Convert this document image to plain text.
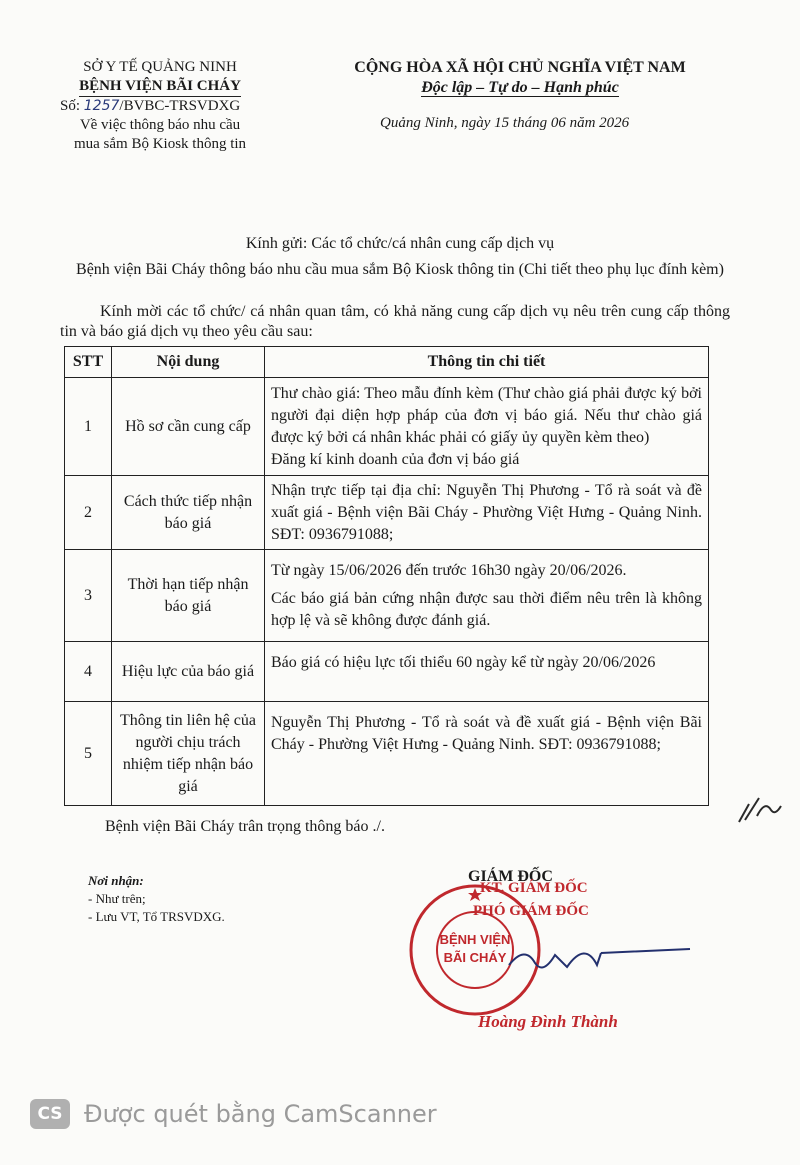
SỞ Y TẾ QUẢNG NINH
BỆNH VIỆN BÃI CHÁY
Số: 1257/BVBC-TRSVDXG
Về việc thông báo nhu cầu
mua sắm Bộ Kiosk thông tin
CỘNG HÒA XÃ HỘI CHỦ NGHĨA VIỆT NAM
Độc lập – Tự do – Hạnh phúc
Quảng Ninh, ngày 15 tháng 06 năm 2026
Kính gửi: Các tổ chức/cá nhân cung cấp dịch vụ
Bệnh viện Bãi Cháy thông báo nhu cầu mua sắm Bộ Kiosk thông tin (Chi tiết theo phụ lục đính kèm)
Kính mời các tổ chức/ cá nhân quan tâm, có khả năng cung cấp dịch vụ nêu trên cung cấp thông tin và báo giá dịch vụ theo yêu cầu sau:
STT	Nội dung	Thông tin chi tiết
1	Hồ sơ cần cung cấp	Thư chào giá: Theo mẫu đính kèm (Thư chào giá phải được ký bởi người đại diện hợp pháp của đơn vị báo giá. Nếu thư chào giá được ký bởi cá nhân khác phải có giấy ủy quyền kèm theo)
Đăng kí kinh doanh của đơn vị báo giá

2	Cách thức tiếp nhận báo giá	Nhận trực tiếp tại địa chỉ: Nguyễn Thị Phương - Tổ rà soát và đề xuất giá - Bệnh viện Bãi Cháy - Phường Việt Hưng - Quảng Ninh. SĐT: 0936791088;

3	Thời hạn tiếp nhận báo giá	Từ ngày 15/06/2026 đến trước 16h30 ngày 20/06/2026.
Các báo giá bản cứng nhận được sau thời điểm nêu trên là không hợp lệ và sẽ không được đánh giá.

4	Hiệu lực của báo giá	Báo giá có hiệu lực tối thiểu 60 ngày kể từ ngày 20/06/2026

5	Thông tin liên hệ của người chịu trách nhiệm tiếp nhận báo giá	Nguyễn Thị Phương - Tổ rà soát và đề xuất giá - Bệnh viện Bãi Cháy - Phường Việt Hưng - Quảng Ninh. SĐT: 0936791088;
Bệnh viện Bãi Cháy trân trọng thông báo ./.
Nơi nhận:
- Như trên;
- Lưu VT, Tổ TRSVDXG.
GIÁM ĐỐC
KT. GIÁM ĐỐC
PHÓ GIÁM ĐỐC
BỆNH VIỆN
BÃI CHÁY
Hoàng Đình Thành
CS Được quét bằng CamScanner
